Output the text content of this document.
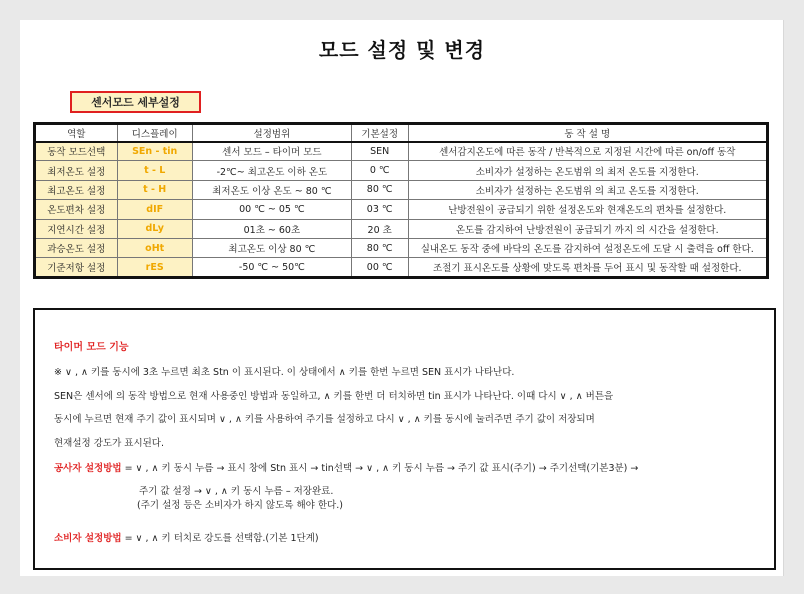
모드 설정 및 변경
센서모드 세부설정
역할	디스플레이	설정범위	기본설정	동 작 설 명
동작 모드선택	SEn - tin	센서 모드 – 타이머 모드	SEN	센서감지온도에 따른 동작 / 반복적으로 지정된 시간에 따른 on/off 동작
최저온도 설정	t - L	-2℃~ 최고온도 이하 온도	0 ℃	소비자가 설정하는 온도범위 의 최저 온도를 지정한다.
최고온도 설정	t - H	최저온도 이상 온도 ~ 80 ℃	80 ℃	소비자가 설정하는 온도범위 의 최고 온도를 지정한다.
온도편차 설정	dIF	00 ℃ ~ 05 ℃	03 ℃	난방전원이 공급되기 위한 설정온도와 현재온도의 편차를 설정한다.
지연시간 설정	dLy	01초 ~ 60초	20 초	온도를 감지하여 난방전원이 공급되기 까지 의 시간을 설정한다.
과승온도 설정	oHt	최고온도 이상 80 ℃	80 ℃	실내온도 동작 중에 바닥의 온도를 감지하여 설정온도에 도달 시 출력을 off 한다.
기준저항 설정	rES	-50 ℃ ~ 50℃	00 ℃	조절기 표시온도를 상황에 맞도록 편차를 두어 표시 및 동작할 때 설정한다.
타이머 모드 기능
※ ∨ , ∧ 키를 동시에 3초 누르면 최초 Stn 이 표시된다. 이 상태에서 ∧ 키를 한번 누르면 SEN 표시가 나타난다.
SEN은 센서에 의 동작 방법으로 현재 사용중인 방법과 동일하고, ∧ 키를 한번 더 터치하면 tin 표시가 나타난다. 이때 다시 ∨ , ∧ 버튼을
동시에 누르면 현재 주기 값이 표시되며 ∨ , ∧ 키를 사용하여 주기를 설정하고 다시 ∨ , ∧ 키를 동시에 눌러주면 주기 값이 저장되며
현재설정 강도가 표시된다.
공사자 설정방법 = ∨ , ∧ 키 동시 누름 → 표시 창에 Stn 표시 → tin선택 → ∨ , ∧ 키 동시 누름 → 주기 값 표시(주기) → 주기선택(기본3분) →
주기 값 설정 → ∨ , ∧ 키 동시 누름 – 저장완료.
(주기 설정 등은 소비자가 하지 않도록 해야 한다.)
소비자 설정방법 = ∨ , ∧ 키 터치로 강도를 선택함.(기본 1단계)
